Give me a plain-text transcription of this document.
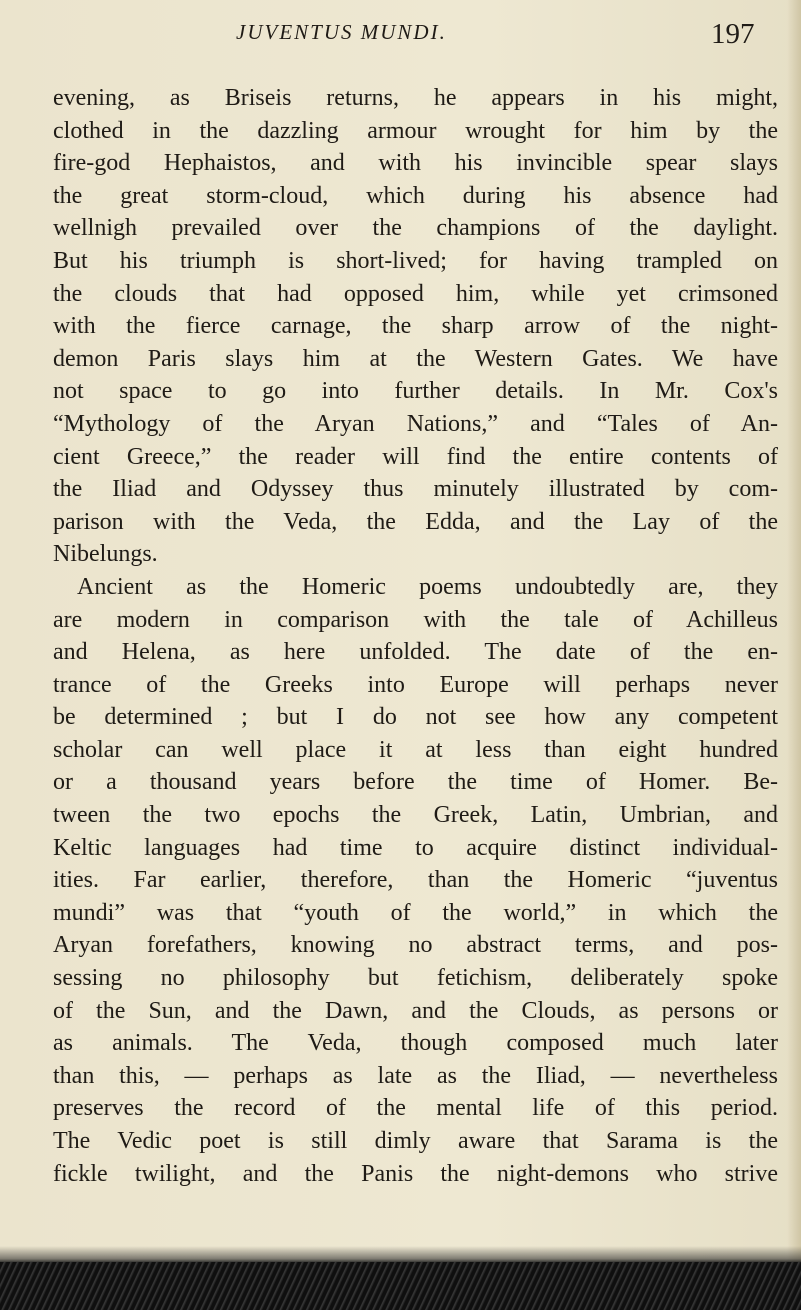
JUVENTUS MUNDI.	197
evening, as Briseis returns, he appears in his might,
clothed in the dazzling armour wrought for him by the
fire-god Hephaistos, and with his invincible spear slays
the great storm-cloud, which during his absence had
wellnigh prevailed over the champions of the daylight.
But his triumph is short-lived; for having trampled on
the clouds that had opposed him, while yet crimsoned
with the fierce carnage, the sharp arrow of the night-
demon Paris slays him at the Western Gates. We have
not space to go into further details. In Mr. Cox's
“Mythology of the Aryan Nations,” and “Tales of An-
cient Greece,” the reader will find the entire contents of
the Iliad and Odyssey thus minutely illustrated by com-
parison with the Veda, the Edda, and the Lay of the
Nibelungs.
Ancient as the Homeric poems undoubtedly are, they
are modern in comparison with the tale of Achilleus
and Helena, as here unfolded. The date of the en-
trance of the Greeks into Europe will perhaps never
be determined ; but I do not see how any competent
scholar can well place it at less than eight hundred
or a thousand years before the time of Homer. Be-
tween the two epochs the Greek, Latin, Umbrian, and
Keltic languages had time to acquire distinct individual-
ities. Far earlier, therefore, than the Homeric “juventus
mundi” was that “youth of the world,” in which the
Aryan forefathers, knowing no abstract terms, and pos-
sessing no philosophy but fetichism, deliberately spoke
of the Sun, and the Dawn, and the Clouds, as persons or
as animals. The Veda, though composed much later
than this, — perhaps as late as the Iliad, — nevertheless
preserves the record of the mental life of this period.
The Vedic poet is still dimly aware that Sarama is the
fickle twilight, and the Panis the night-demons who strive
